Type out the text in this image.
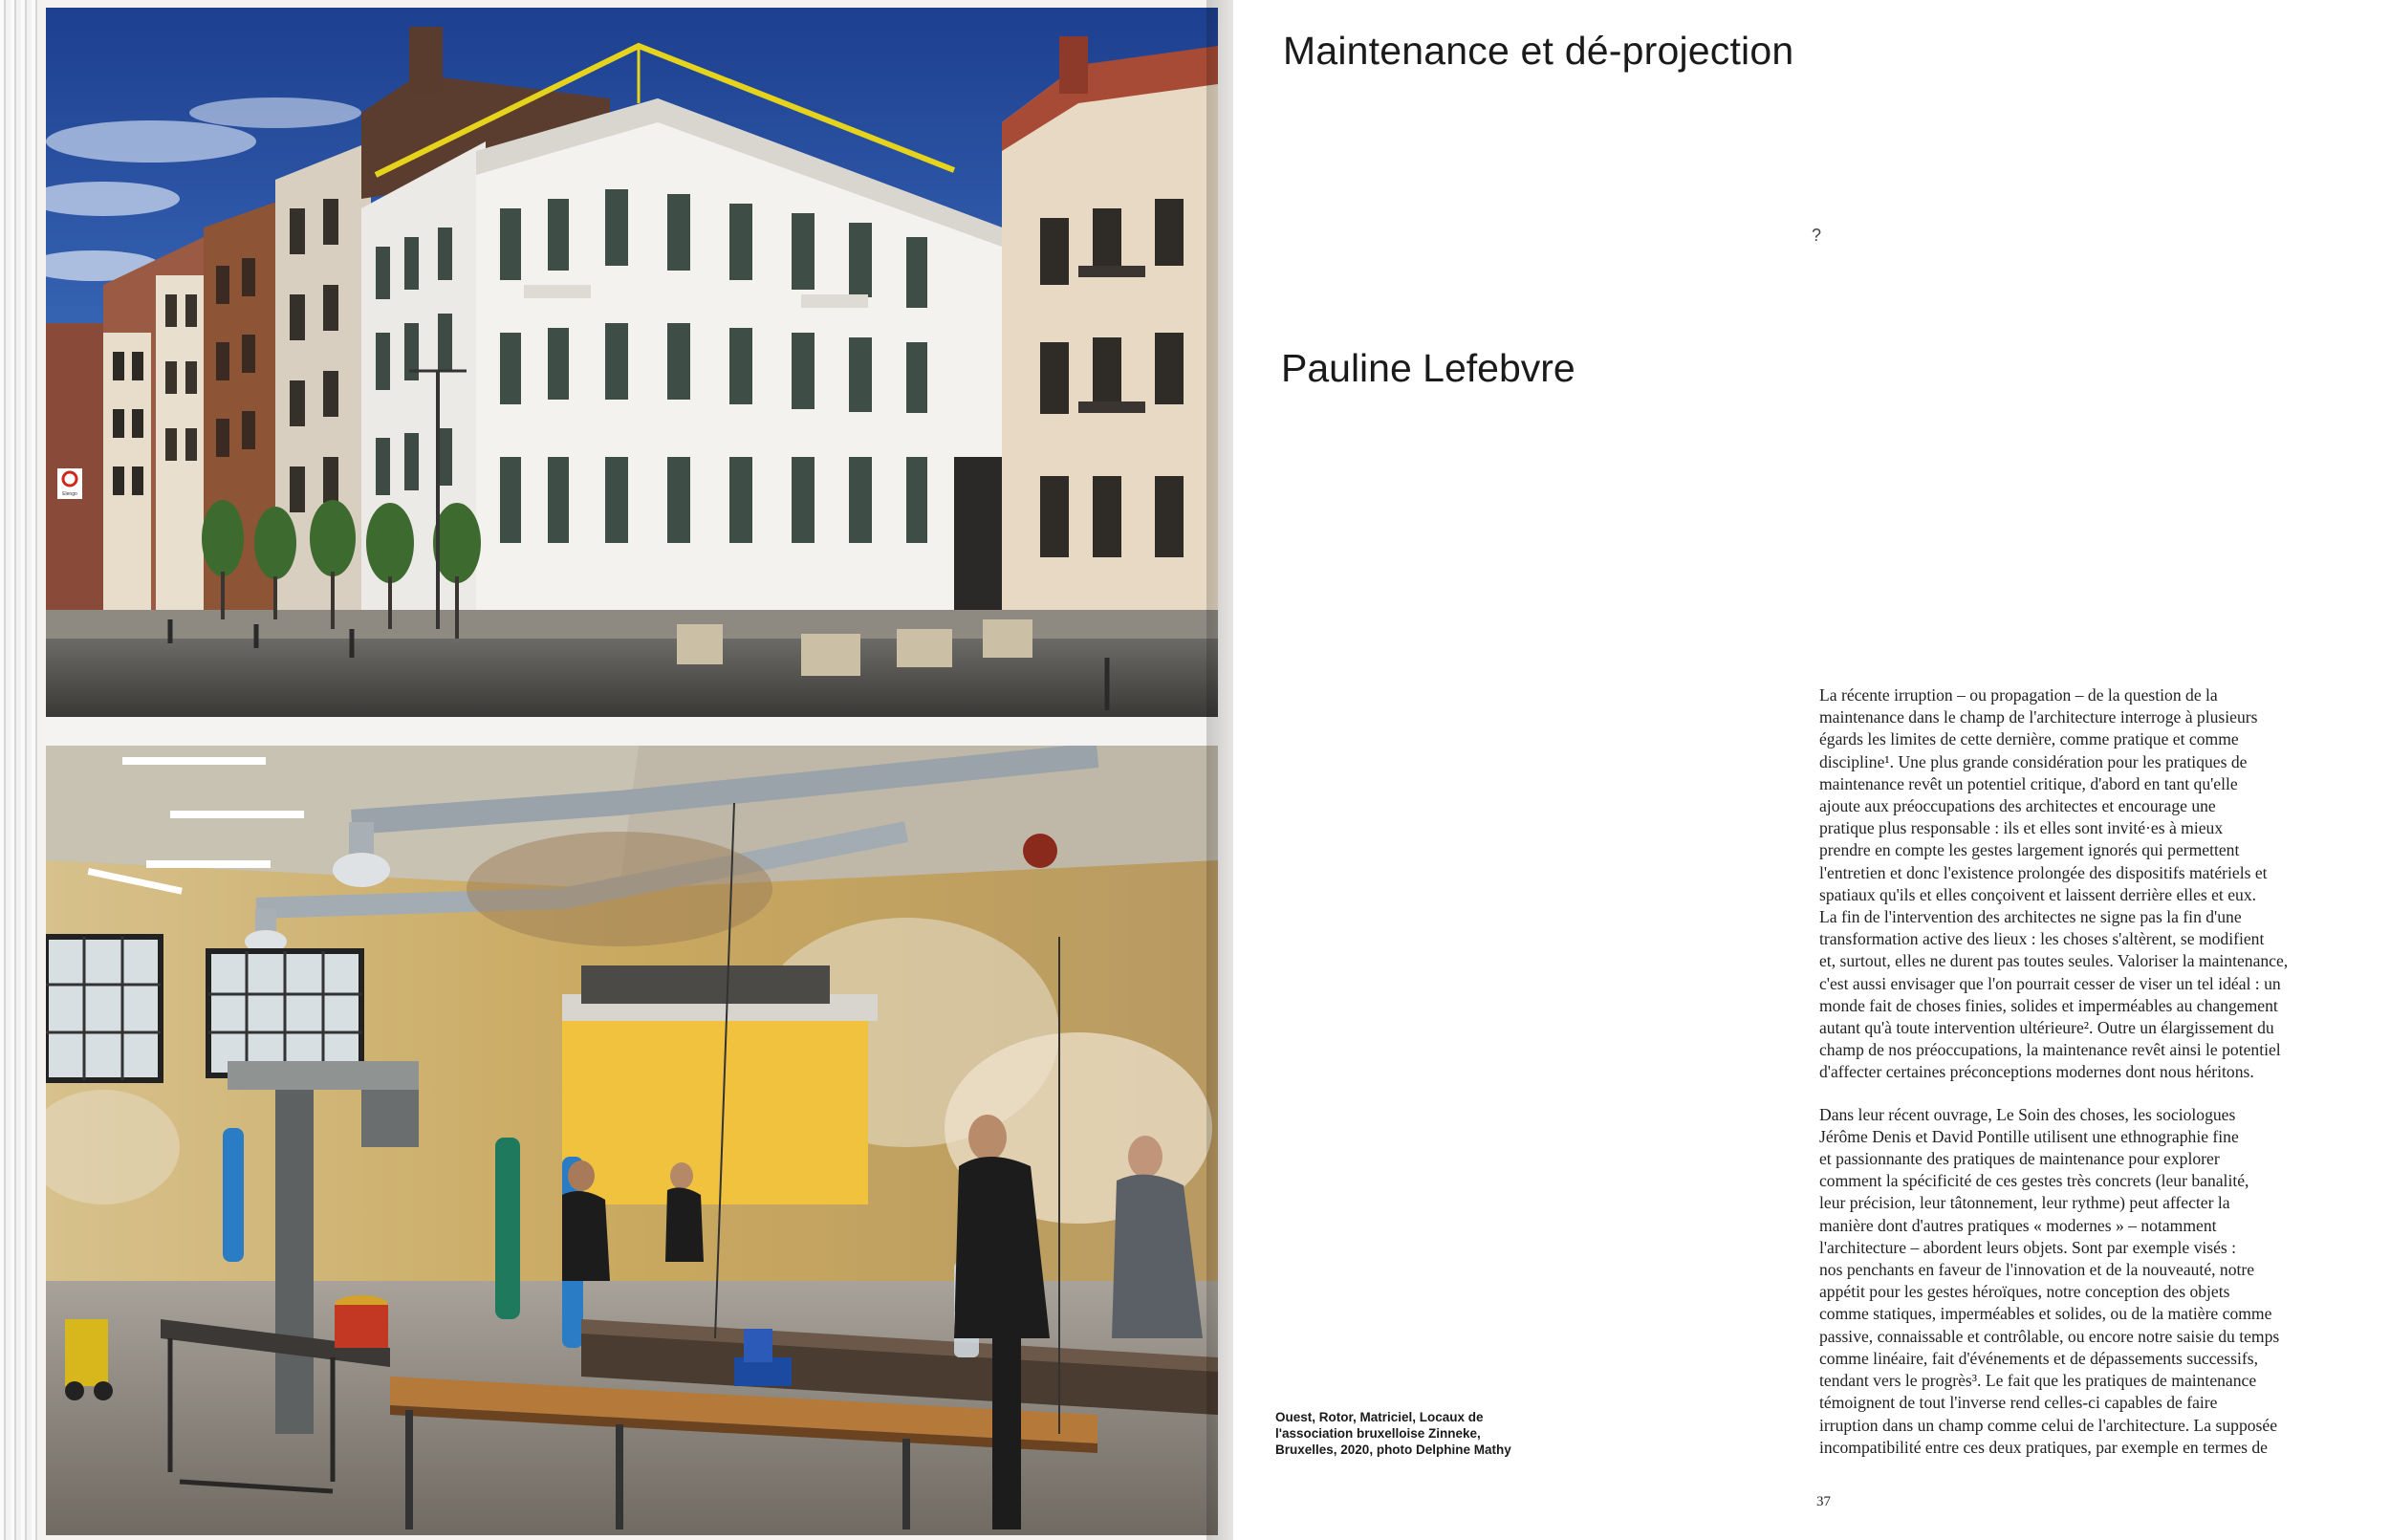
Elengo
Maintenance et dé-projection
?
Pauline Lefebvre

La récente irruption – ou propagation – de la question de la
maintenance dans le champ de l'architecture interroge à plusieurs
égards les limites de cette dernière, comme pratique et comme
discipline¹. Une plus grande considération pour les pratiques de
maintenance revêt un potentiel critique, d'abord en tant qu'elle
ajoute aux préoccupations des architectes et encourage une
pratique plus responsable : ils et elles sont invité·es à mieux
prendre en compte les gestes largement ignorés qui permettent
l'entretien et donc l'existence prolongée des dispositifs matériels et
spatiaux qu'ils et elles conçoivent et laissent derrière elles et eux.
La fin de l'intervention des architectes ne signe pas la fin d'une
transformation active des lieux : les choses s'altèrent, se modifient
et, surtout, elles ne durent pas toutes seules. Valoriser la maintenance,
c'est aussi envisager que l'on pourrait cesser de viser un tel idéal : un
monde fait de choses finies, solides et imperméables au changement
autant qu'à toute intervention ultérieure². Outre un élargissement du
champ de nos préoccupations, la maintenance revêt ainsi le potentiel
d'affecter certaines préconceptions modernes dont nous héritons.

Dans leur récent ouvrage, Le Soin des choses, les sociologues
Jérôme Denis et David Pontille utilisent une ethnographie fine
et passionnante des pratiques de maintenance pour explorer
comment la spécificité de ces gestes très concrets (leur banalité,
leur précision, leur tâtonnement, leur rythme) peut affecter la
manière dont d'autres pratiques « modernes » – notamment
l'architecture – abordent leurs objets. Sont par exemple visés :
nos penchants en faveur de l'innovation et de la nouveauté, notre
appétit pour les gestes héroïques, notre conception des objets
comme statiques, imperméables et solides, ou de la matière comme
passive, connaissable et contrôlable, ou encore notre saisie du temps
comme linéaire, fait d'événements et de dépassements successifs,
tendant vers le progrès³. Le fait que les pratiques de maintenance
témoignent de tout l'inverse rend celles-ci capables de faire
irruption dans un champ comme celui de l'architecture. La supposée
incompatibilité entre ces deux pratiques, par exemple en termes de

Ouest, Rotor, Matriciel, Locaux de
l'association bruxelloise Zinneke,
Bruxelles, 2020, photo Delphine Mathy
37
